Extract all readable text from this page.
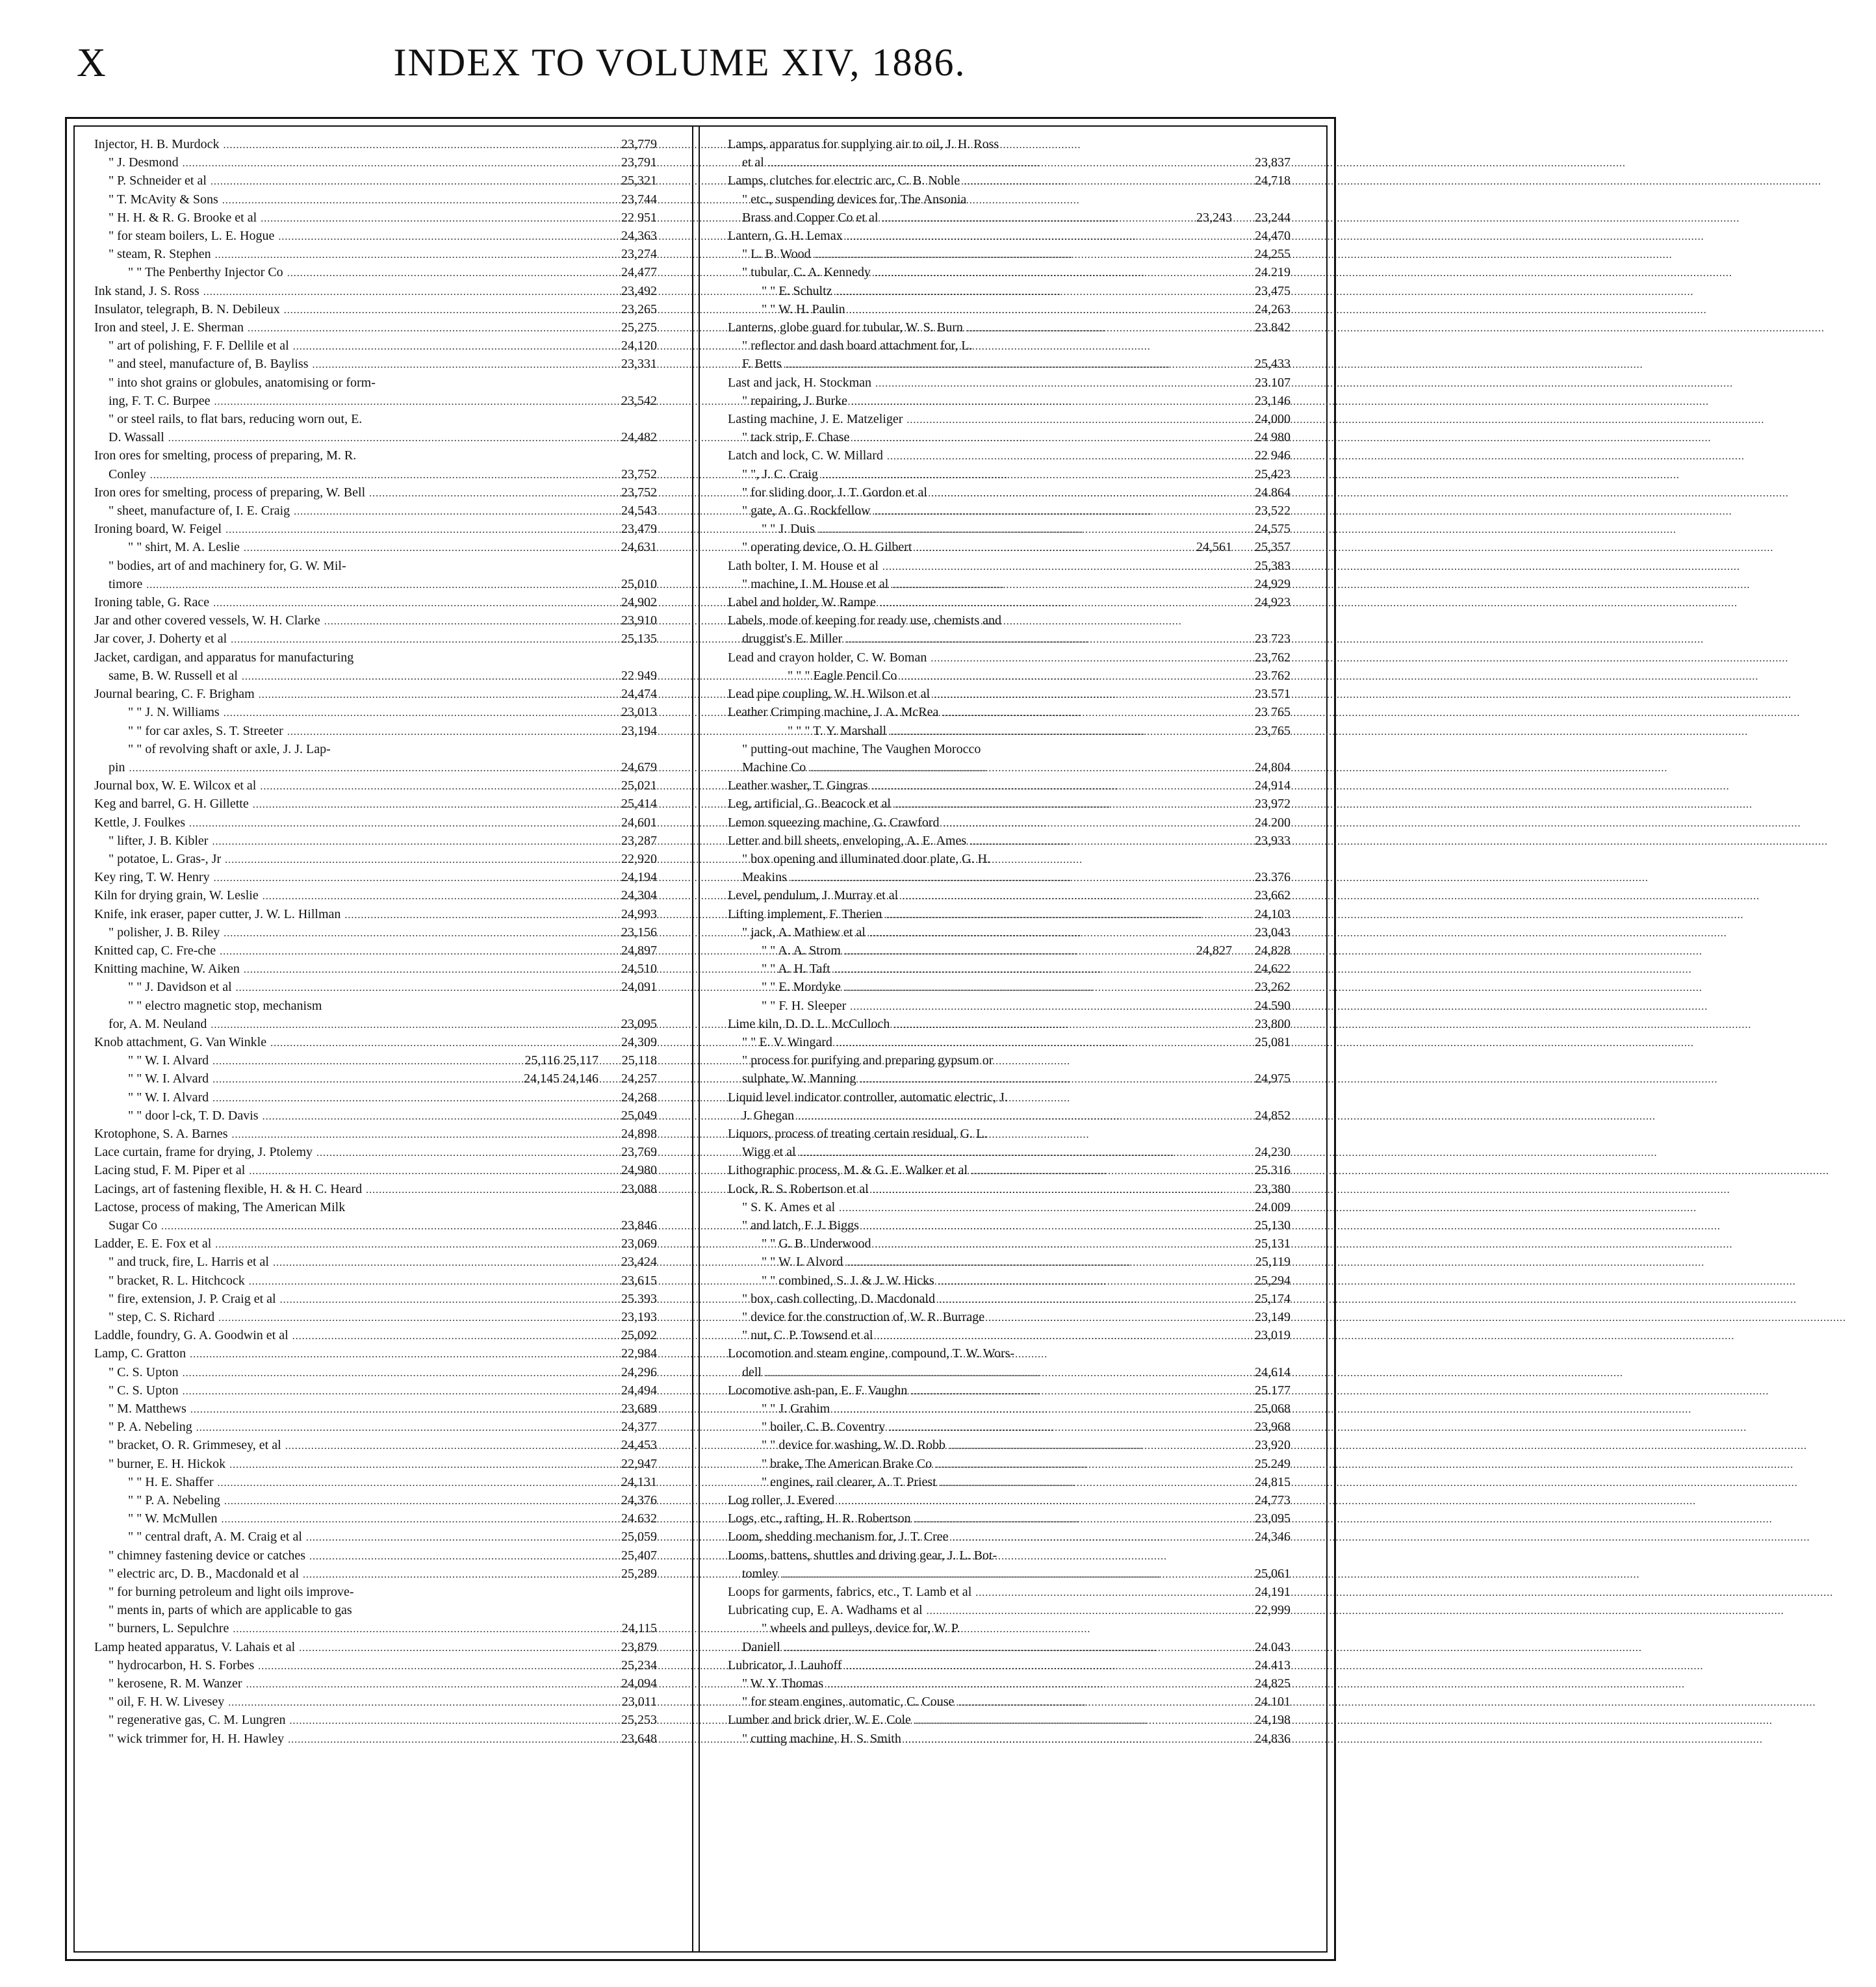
X	INDEX TO VOLUME XIV, 1886.
Injector, H. B. Murdock .....	23,779
" J. Desmond .....	23,791
" P. Schneider et al .....	25,321
" T. McAvity & Sons .....	23,744
" H. H. & R. G. Brooke et al .....	22 951
" for steam boilers, L. E. Hogue .....	24,363
" steam, R. Stephen .....	23,274
" " The Penberthy Injector Co .....	24,477
Ink stand, J. S. Ross .....	23,492
Insulator, telegraph, B. N. Debileux .....	23,265
Iron and steel, J. E. Sherman .....	25,275
" art of polishing, F. F. Dellile et al .....	24,120
" and steel, manufacture of, B. Bayliss .....	23,331
" into shot grains or globules, anatomising or form-
ing, F. T. C. Burpee .....	23,542
" or steel rails, to flat bars, reducing worn out, E.
D. Wassall .....	24,482
Iron ores for smelting, process of preparing, M. R.
Conley .....	23,752
Iron ores for smelting, process of preparing, W. Bell .....	23,752
" sheet, manufacture of, I. E. Craig .....	24,543
Ironing board, W. Feigel .....	23,479
" " shirt, M. A. Leslie .....	24,631
" bodies, art of and machinery for, G. W. Mil-
timore .....	25,010
Ironing table, G. Race .....	24,902
Jar and other covered vessels, W. H. Clarke .....	23,910
Jar cover, J. Doherty et al .....	25,135
Jacket, cardigan, and apparatus for manufacturing
same, B. W. Russell et al .....	22 949
Journal bearing, C. F. Brigham .....	24,474
" " J. N. Williams .....	23,013
" " for car axles, S. T. Streeter .....	23,194
" " of revolving shaft or axle, J. J. Lap-
pin .....	24,679
Journal box, W. E. Wilcox et al .....	25,021
Keg and barrel, G. H. Gillette .....	25,414
Kettle, J. Foulkes .....	24,601
" lifter, J. B. Kibler .....	23,287
" potatoe, L. Gras-, Jr .....	22,920
Key ring, T. W. Henry .....	24,194
Kiln for drying grain, W. Leslie .....	24,304
Knife, ink eraser, paper cutter, J. W. L. Hillman .....	24,993
" polisher, J. B. Riley .....	23,156
Knitted cap, C. Fre-che .....	24,897
Knitting machine, W. Aiken .....	24,510
" " J. Davidson et al .....	24,091
" " electro magnetic stop, mechanism
for, A. M. Neuland .....	23,095
Knob attachment, G. Van Winkle .....	24,309
" " W. I. Alvard .....	25,116 25,117	25,118
" " W. I. Alvard .....	24,145 24,146	24,257
" " W. I. Alvard .....	24,268
" " door l-ck, T. D. Davis .....	25,049
Krotophone, S. A. Barnes .....	24,898
Lace curtain, frame for drying, J. Ptolemy .....	23,769
Lacing stud, F. M. Piper et al .....	24,980
Lacings, art of fastening flexible, H. & H. C. Heard .....	23,088
Lactose, process of making, The American Milk
Sugar Co .....	23,846
Ladder, E. E. Fox et al .....	23,069
" and truck, fire, L. Harris et al .....	23,424
" bracket, R. L. Hitchcock .....	23,615
" fire, extension, J. P. Craig et al .....	25.393
" step, C. S. Richard .....	23,193
Laddle, foundry, G. A. Goodwin et al .....	25,092
Lamp, C. Gratton .....	22,984
" C. S. Upton .....	24,296
" C. S. Upton .....	24,494
" M. Matthews .....	23,689
" P. A. Nebeling .....	24,377
" bracket, O. R. Grimmesey, et al .....	24,453
" burner, E. H. Hickok .....	22,947
" " H. E. Shaffer .....	24,131
" " P. A. Nebeling .....	24,376
" " W. McMullen .....	24.632
" " central draft, A. M. Craig et al .....	25,059
" chimney fastening device or catches .....	25,407
" electric arc, D. B., Macdonald et al .....	25,289
" for burning petroleum and light oils improve-
" ments in, parts of which are applicable to gas
" burners, L. Sepulchre .....	24,115
Lamp heated apparatus, V. Lahais et al .....	23,879
" hydrocarbon, H. S. Forbes .....	25,234
" kerosene, R. M. Wanzer .....	24,094
" oil, F. H. W. Livesey .....	23,011
" regenerative gas, C. M. Lungren .....	25,253
" wick trimmer for, H. H. Hawley .....	23,648
Lamps, apparatus for supplying air to oil, J. H. Ross
et al .....	23,837
Lamps, clutches for electric arc, C. B. Noble .....	24,718
" etc., suspending devices for, The Ansonia
Brass and Copper Co et al .....	23,243	23,244
Lantern, G. H. Lemax .....	24,470
" L. B. Wood .....	24,255
" tubular, C. A. Kennedy .....	24.219
" " E. Schultz .....	23,475
" " W. H. Paulin .....	24,263
Lanterns, globe guard for tubular, W. S. Burn .....	23.842
" reflector and dash board attachment for, L.
F. Betts .....	25,433
Last and jack, H. Stockman .....	23.107
" repairing, J. Burke .....	23,146
Lasting machine, J. E. Matzeliger .....	24,000
" tack strip, F. Chase .....	24 980
Latch and lock, C. W. Millard .....	22 946
" ", J. C. Craig .....	25,423
" for sliding door, J. T. Gordon et al .....	24.864
" gate, A. G. Rockfellow .....	23,522
" " J. Duis .....	24,575
" operating device, O. H. Gilbert .....	24,561	25,357
Lath bolter, I. M. House et al .....	25,383
" machine, I. M. House et al .....	24,929
Label and holder, W. Rampe .....	24,923
Labels, mode of keeping for ready use, chemists and
druggist's E. Miller .....	23 723
Lead and crayon holder, C. W. Boman .....	23,762
" " " Eagle Pencil Co .....	23.762
Lead pipe coupling, W. H. Wilson et al .....	23.571
Leather Crimping machine, J. A. McRea .....	23 765
" " " T. Y. Marshall .....	23,765
" putting-out machine, The Vaughen Morocco
Machine Co .....	24,804
Leather washer, T. Gingras .....	24,914
Leg, artificial, G. Beacock et al .....	23,972
Lemon squeezing machine, G. Crawford .....	24.200
Letter and bill sheets, enveloping, A. E. Ames .....	23,933
" box opening and illuminated door plate, G. H.
Meakins .....	23.376
Level, pendulum, J. Murray et al .....	23,662
Lifting implement, F. Therien .....	24,103
" jack, A. Mathiew et al .....	23,043
" " A. A. Strom .....	24,827	24,828
" " A. H. Taft .....	24,622
" " E. Mordyke .....	23,262
" " F. H. Sleeper .....	24.590
Lime kiln, D. D. L. McCulloch .....	23,800
" " E. V. Wingard .....	25,081
" process for purifying and preparing gypsum or
sulphate, W. Manning .....	24,975
Liquid level indicator controller, automatic electric, J.
J. Ghegan .....	24,852
Liquors, process of treating certain residual, G. L.
Wigg et al .....	24,230
Lithographic process, M. & G. E. Walker et al .....	25.316
Lock, R. S. Robertson et al .....	23,380
" S. K. Ames et al .....	24.009
" and latch, F. J. Biggs .....	25,130
" " G. B. Underwood .....	25,131
" " W. I. Alvord .....	25,119
" " combined, S. J. & J. W. Hicks .....	25,294
" box, cash collecting, D. Macdonald .....	25,174
" device for the construction of, W. R. Burrage .....	23,149
" nut, C. P. Towsend et al .....	23,019
Locomotion and steam engine, compound, T. W. Wors-
dell .....	24,614
Locomotive ash-pan, E. F. Vaughn .....	25.177
" " J. Grahim .....	25,068
" boiler, C. B. Coventry .....	23,968
" " device for washing, W. D. Robb .....	23,920
" brake, The American Brake Co .....	25.249
" engines, rail clearer, A. T. Priest .....	24,815
Log roller, J. Evered .....	24,773
Logs, etc., rafting, H. R. Robertson .....	23,095
Loom, shedding mechanism for, J. T. Cree .....	24,346
Looms, battens, shuttles and driving gear, J. L. Bot-
tomley .....	25,061
Loops for garments, fabrics, etc., T. Lamb et al .....	24,191
Lubricating cup, E. A. Wadhams et al .....	22,999
" wheels and pulleys, device for, W. P.
Daniell .....	24.043
Lubricator, J. Lauhoff .....	24.413
" W. Y. Thomas .....	24,825
" for steam engines, automatic, C. Couse .....	24.101
Lumber and brick drier, W. E. Cole .....	24,198
" cutting machine, H. S. Smith .....	24,836
